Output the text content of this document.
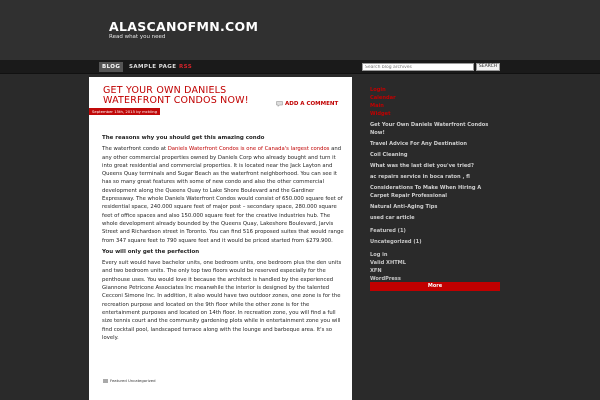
ALASCANOFMN.COM
Read what you need
BLOG	SAMPLE PAGE RSS
Search blog archives	SEARCH
GET YOUR OWN DANIELS WATERFRONT CONDOS NOW!	ADD A COMMENT
September 15th, 2015 by mckiing
The reasons why you should get this amazing condo

The waterfront condo at Daniels Waterfront Condos is one of Canada's largest condos and any other commercial properties owned by Daniels Corp who already bought and turn it into great residential and commercial properties. It is located near the Jack Layton and Queens Quay terminals and Sugar Beach as the waterfront neighborhood. You can see it has so many great features with some of new condo and also the other commercial development along the Queens Quay to Lake Shore Boulevard and the Gardiner Expressway. The whole Daniels Waterfront Condos would consist of 650.000 square feet of residential space, 240.000 square feet of major post – secondary space, 280.000 square feet of office spaces and also 150.000 square feet for the creative industries hub. The whole development already bounded by the Queens Quay, Lakeshore Boulevard, Jarvis Street and Richardson street in Toronto. You can find 516 proposed suites that would range from 347 square feet to 790 square feet and it would be priced started from $279.900.

You will only get the perfection

Every suit would have bachelor units, one bedroom units, one bedroom plus the den units and two bedroom units. The only top two floors would be reserved especially for the penthouse uses. You would love it because the architect is handled by the experienced Giannone Petricone Associates Inc meanwhile the interior is designed by the talented Cecconi Simone Inc. In addition, it also would have two outdoor zones, one zone is for the recreation purpose and located on the 9th floor while the other zone is for the entertainment purposes and located on 14th floor. In recreation zone, you will find a full size tennis court and the community gardening plots while in entertainment zone you will find cocktail pool, landscaped terrace along with the lounge and barbeque area. It's so lovely.

Featured Uncategorized
Login
Calendar
Main
Widget
Get Your Own Daniels Waterfront Condos Now!
Travel Advice For Any Destination
Coil Cleaning
What was the last diet you've tried?
ac repairs service in boca raton , fl
Considerations To Make When Hiring A Carpet Repair Professional
Natural Anti-Aging Tips
used car article
Featured (1)
Uncategorized (1)
Log in
Valid XHTML
XFN
WordPress
More
